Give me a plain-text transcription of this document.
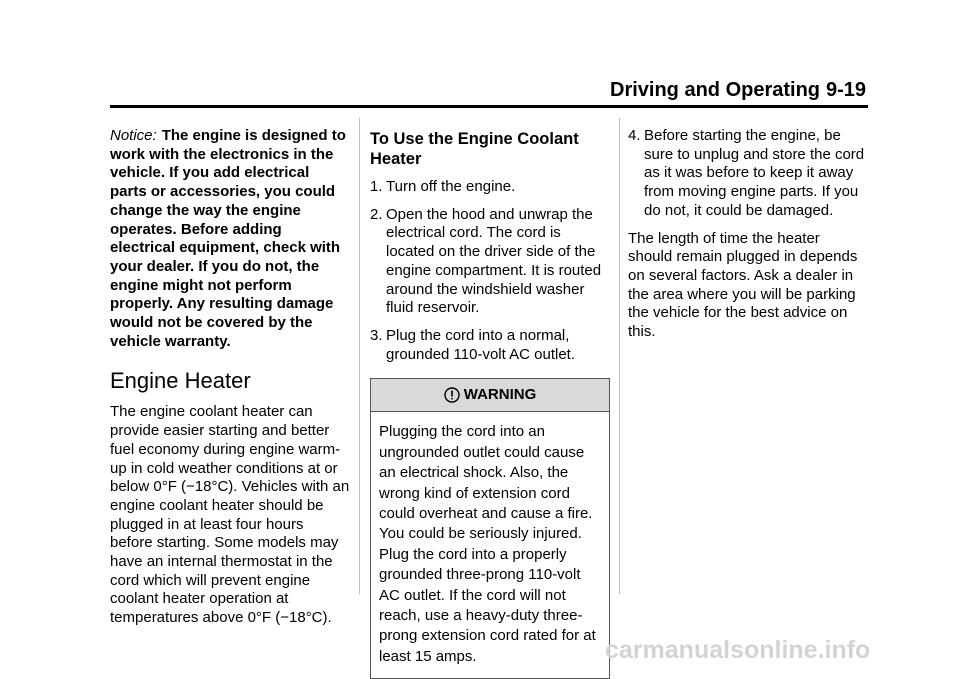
Driving and Operating 9-19

Notice: The engine is designed to work with the electronics in the vehicle. If you add electrical parts or accessories, you could change the way the engine operates. Before adding electrical equipment, check with your dealer. If you do not, the engine might not perform properly. Any resulting damage would not be covered by the vehicle warranty.

Engine Heater

The engine coolant heater can provide easier starting and better fuel economy during engine warm-up in cold weather conditions at or below 0°F (−18°C). Vehicles with an engine coolant heater should be plugged in at least four hours before starting. Some models may have an internal thermostat in the cord which will prevent engine coolant heater operation at temperatures above 0°F (−18°C).

To Use the Engine Coolant Heater
1. Turn off the engine.
2. Open the hood and unwrap the electrical cord. The cord is located on the driver side of the engine compartment. It is routed around the windshield washer fluid reservoir.
3. Plug the cord into a normal, grounded 110-volt AC outlet.
WARNING
Plugging the cord into an ungrounded outlet could cause an electrical shock. Also, the wrong kind of extension cord could overheat and cause a fire. You could be seriously injured. Plug the cord into a properly grounded three-prong 110-volt AC outlet. If the cord will not reach, use a heavy-duty three-prong extension cord rated for at least 15 amps.
4. Before starting the engine, be sure to unplug and store the cord as it was before to keep it away from moving engine parts. If you do not, it could be damaged.

The length of time the heater should remain plugged in depends on several factors. Ask a dealer in the area where you will be parking the vehicle for the best advice on this.

carmanualsonline.info
